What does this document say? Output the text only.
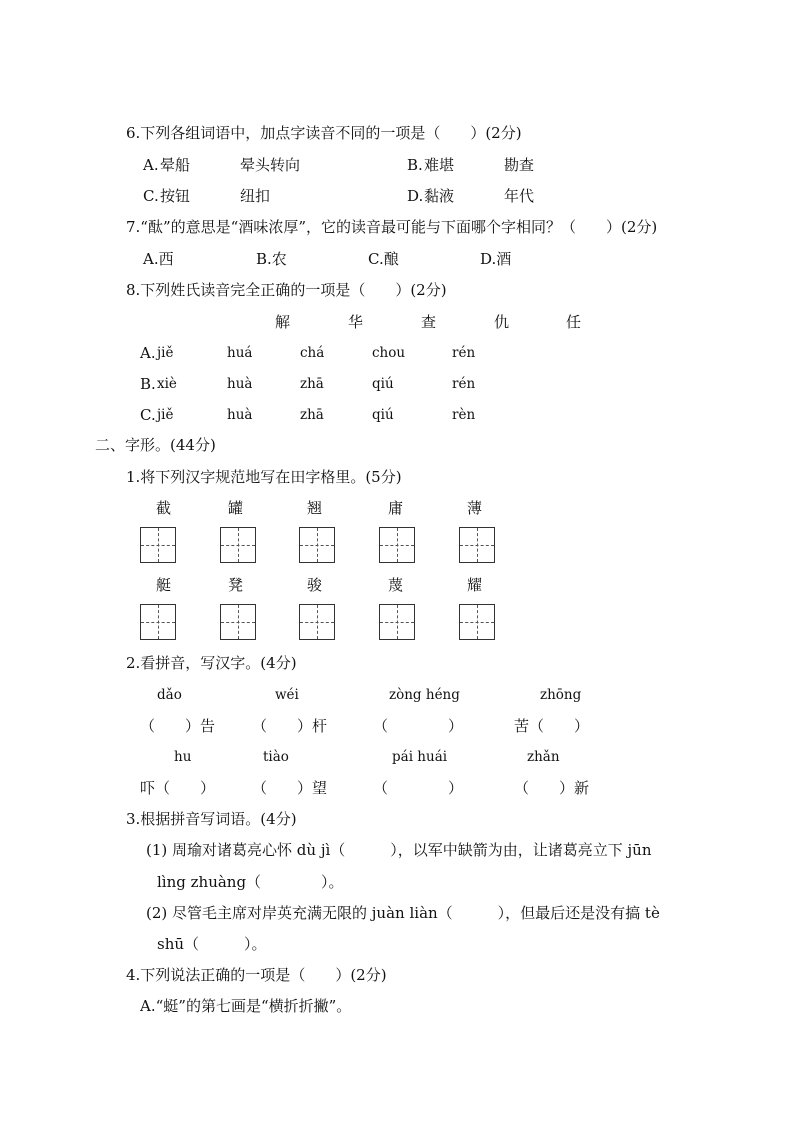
6.下列各组词语中，加点字读音不同的一项是（　　）(2分)
A. 晕船	晕头转向	B. 难堪	勘查
C. 按钮	纽扣	D. 黏液	年代
7.“酞”的意思是“酒味浓厚”，它的读音最可能与下面哪个字相同？（　　）(2分)
A.西	B.农	C.酿	D.酒
8.下列姓氏读音完全正确的一项是（　　）(2分)
解	华	查	仇	任
A. jiě	huá	chá	chou	rén
B. xiè	huà	zhā	qiú	rén
C. jiě	huà	zhā	qiú	rèn
二、字形。(44分)
1.将下列汉字规范地写在田字格里。(5分)
截	罐	翘	庸	薄
艇	凳	骏	蔑	耀
2.看拼音，写汉字。(4分)
dǎo	wéi	zòng héng	zhōng
（　　）告 （　　）杆	（　　　　）	苦（　　）
hu	tiào	pái huái	zhǎn
吓（　　） （　　）望	（　　　　）	（　　）新
3.根据拼音写词语。(4分)
(1) 周瑜对诸葛亮心怀 dù jì（　　　），以军中缺箭为由，让诸葛亮立下 jūn
lìng zhuàng（　　　　）。
(2) 尽管毛主席对岸英充满无限的 juàn liàn（　　　），但最后还是没有搞 tè
shū（　　　）。
4.下列说法正确的一项是（　　）(2分)
A.“蜓”的第七画是“横折折撇”。
